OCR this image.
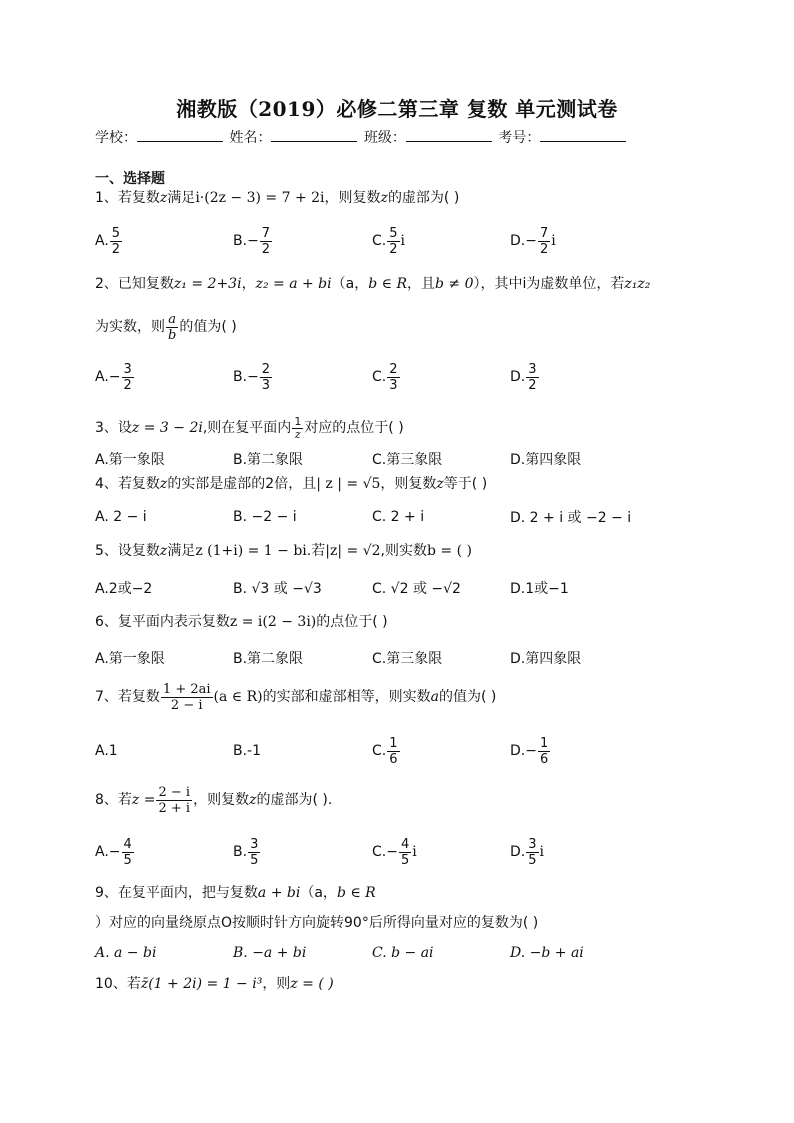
湘教版（2019）必修二第三章 复数 单元测试卷
学校：	姓名：	班级：	考号：
一、选择题
1、若复数z满足i·(2z − 3) = 7 + 2i，则复数z的虚部为( )
A. $\frac{5}{2}$	B. − $\frac{7}{2}$	C. $\frac{5}{2}$ i	D. − $\frac{7}{2}$ i
2、已知复数z₁ = 2+3i，z₂ = a + bi（a，b ∈ R，且b ≠ 0），其中i为虚数单位，若z₁z₂
为实数，则 $\frac{a}{b}$ 的值为( )
A. − $\frac{3}{2}$	B. − $\frac{2}{3}$	C. $\frac{2}{3}$	D. $\frac{3}{2}$
3、设 z = 3 − 2i ,则在复平面内 $\frac{1}{z}$ 对应的点位于( )
A.第一象限	B.第二象限	C.第三象限	D.第四象限
4、若复数z的实部是虚部的2倍，且| z | = √5，则复数z等于( )
A. 2 − i	B. −2 − i	C. 2 + i	D. 2 + i 或 −2 − i
5、设复数z满足z (1+i) = 1 − bi.若|z| = √2,则实数b = ( )
A.2或−2	B. √3 或 −√3	C. √2 或 −√2	D.1或−1
6、复平面内表示复数z = i(2 − 3i)的点位于( )
A.第一象限	B.第二象限	C.第三象限	D.第四象限
7、若复数 $\frac{1 + 2ai}{2 - i} (a$ ∈ R) 的实部和虚部相等，则实数 a 的值为( )
A.1	B.-1	C. $\frac{1}{6}$	D. − $\frac{1}{6}$
8、若 $z = \frac{2 - i}{2 + i}$ ，则复数 z 的虚部为( ).
A. − $\frac{4}{5}$	B. $\frac{3}{5}$	C. − $\frac{4}{5}$ i	D. $\frac{3}{5}$ i
9、在复平面内，把与复数a + bi（a，b ∈ R
）对应的向量绕原点O按顺时针方向旋转90°后所得向量对应的复数为( )
A. a − bi	B. −a + bi	C. b − ai	D. −b + ai
10、若z̄(1 + 2i) = 1 − i³，则z = ( )
